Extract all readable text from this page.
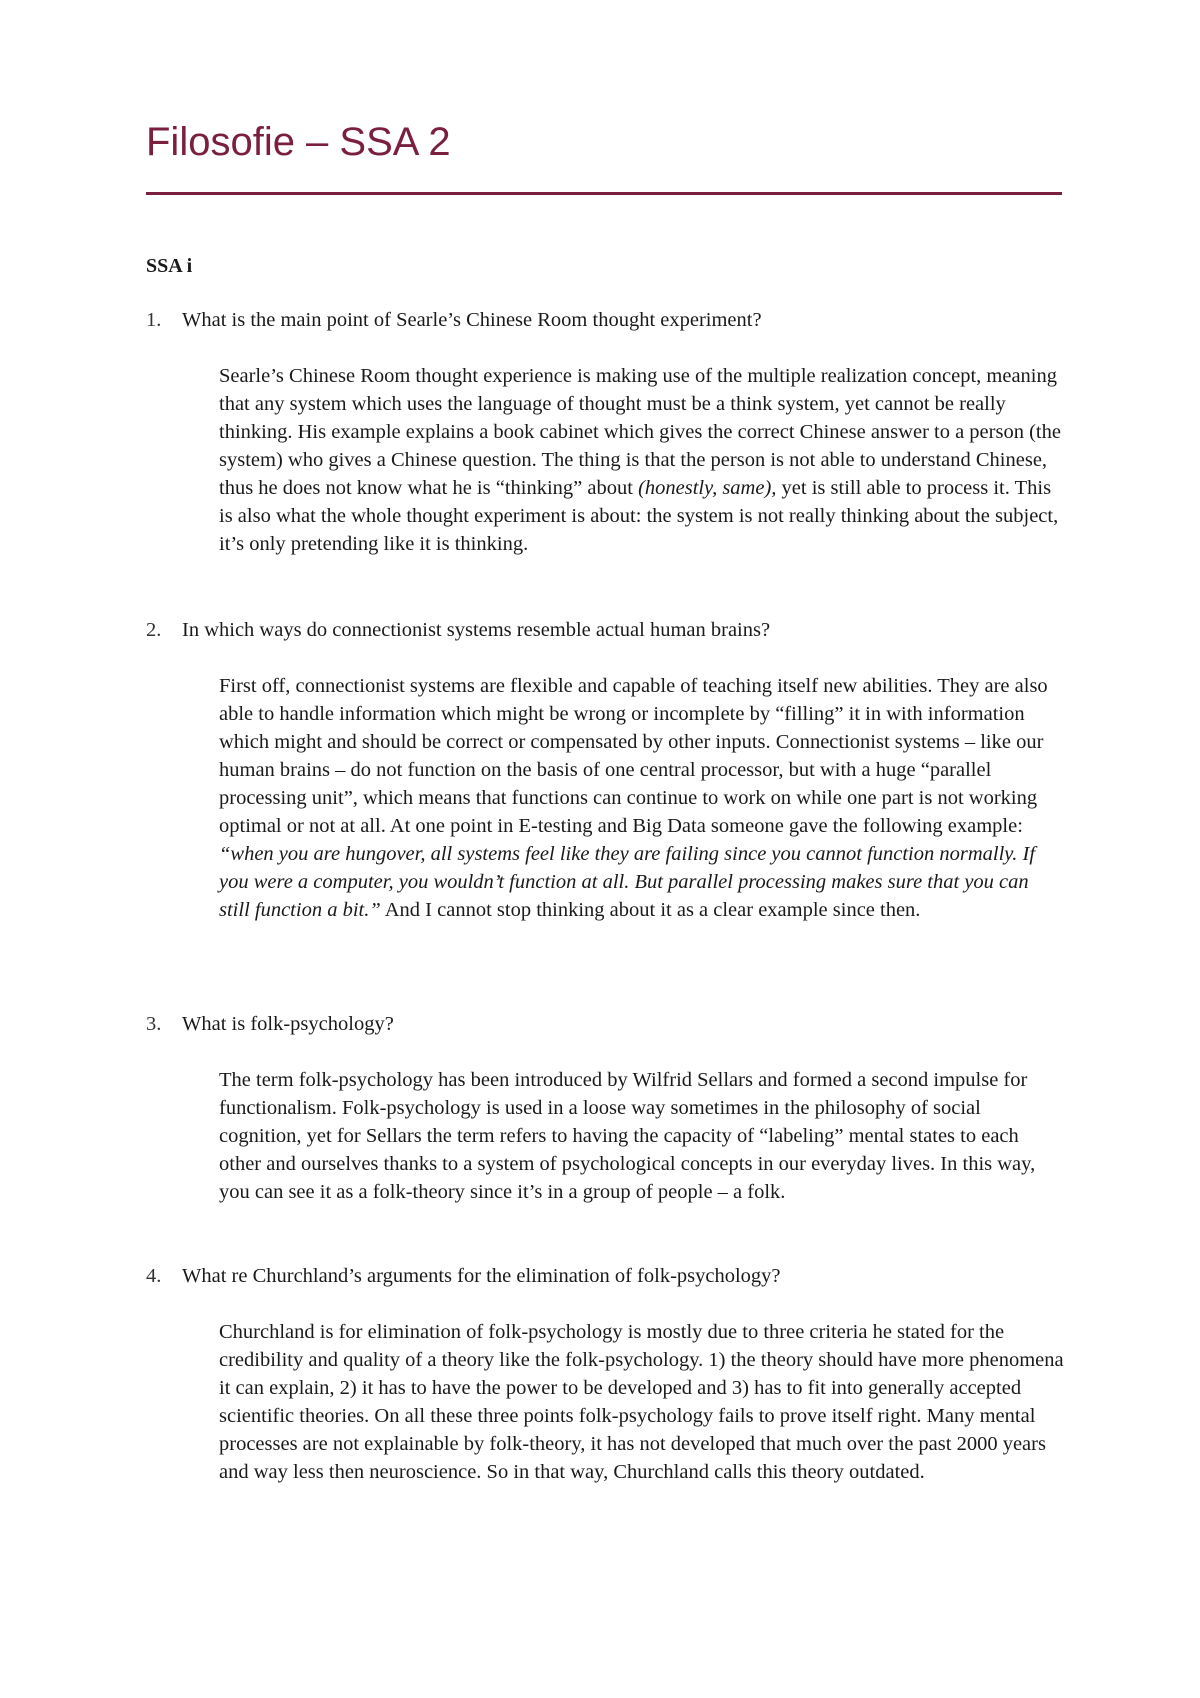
Filosofie – SSA 2
SSA i

1.	What is the main point of Searle’s Chinese Room thought experiment?

Searle’s Chinese Room thought experience is making use of the multiple realization concept, meaning that any system which uses the language of thought must be a think system, yet cannot be really thinking. His example explains a book cabinet which gives the correct Chinese answer to a person (the system) who gives a Chinese question. The thing is that the person is not able to understand Chinese, thus he does not know what he is “thinking” about (honestly, same), yet is still able to process it. This is also what the whole thought experiment is about: the system is not really thinking about the subject, it’s only pretending like it is thinking.

2.	In which ways do connectionist systems resemble actual human brains?

First off, connectionist systems are flexible and capable of teaching itself new abilities. They are also able to handle information which might be wrong or incomplete by “filling” it in with information which might and should be correct or compensated by other inputs. Connectionist systems – like our human brains – do not function on the basis of one central processor, but with a huge “parallel processing unit”, which means that functions can continue to work on while one part is not working optimal or not at all. At one point in E-testing and Big Data someone gave the following example: “when you are hungover, all systems feel like they are failing since you cannot function normally. If you were a computer, you wouldn’t function at all. But parallel processing makes sure that you can still function a bit.” And I cannot stop thinking about it as a clear example since then.

3.	What is folk-psychology?

The term folk-psychology has been introduced by Wilfrid Sellars and formed a second impulse for functionalism. Folk-psychology is used in a loose way sometimes in the philosophy of social cognition, yet for Sellars the term refers to having the capacity of “labeling” mental states to each other and ourselves thanks to a system of psychological concepts in our everyday lives. In this way, you can see it as a folk-theory since it’s in a group of people – a folk.

4.	What re Churchland’s arguments for the elimination of folk-psychology?

Churchland is for elimination of folk-psychology is mostly due to three criteria he stated for the credibility and quality of a theory like the folk-psychology. 1) the theory should have more phenomena it can explain, 2) it has to have the power to be developed and 3) has to fit into generally accepted scientific theories. On all these three points folk-psychology fails to prove itself right. Many mental processes are not explainable by folk-theory, it has not developed that much over the past 2000 years and way less then neuroscience. So in that way, Churchland calls this theory outdated.
